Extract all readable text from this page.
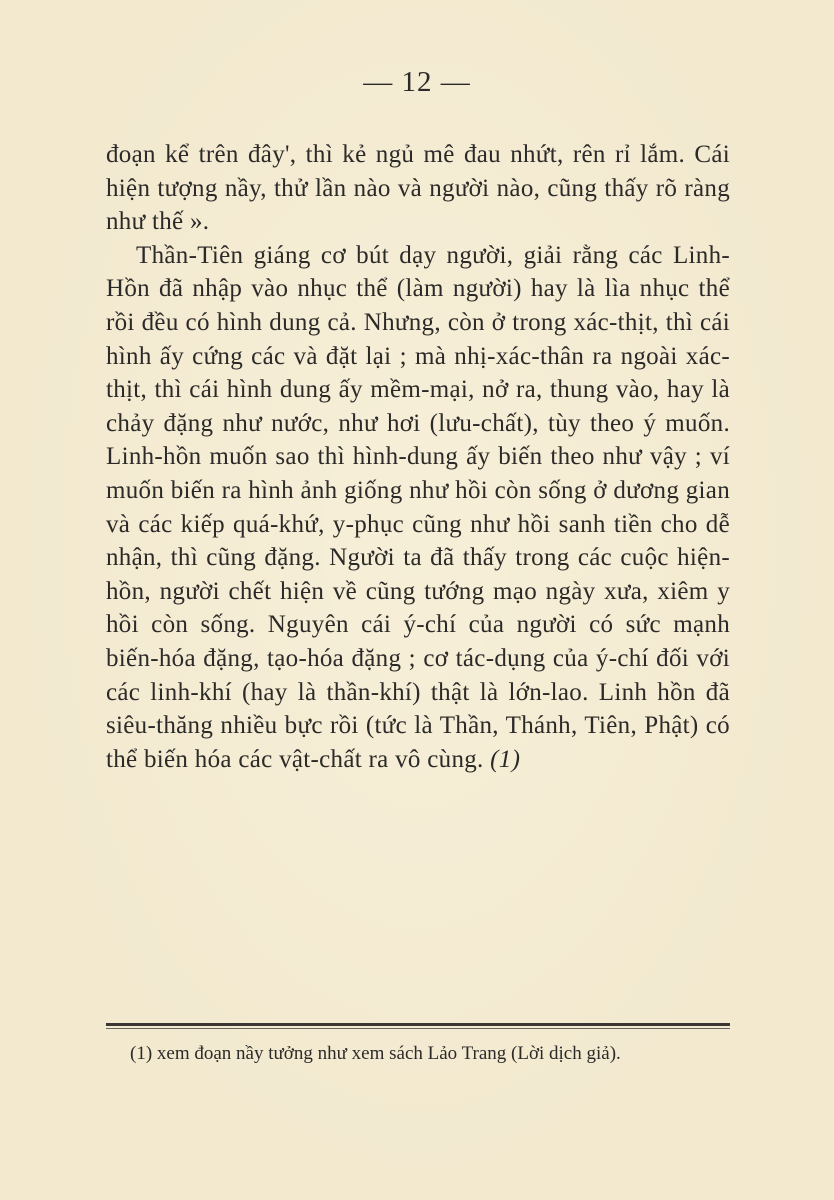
— 12 —

đoạn kể trên đây', thì kẻ ngủ mê đau nhứt, rên rỉ lắm. Cái hiện tượng nầy, thử lần nào và người nào, cũng thấy rõ ràng như thế ».

Thần-Tiên giáng cơ bút dạy người, giải rằng các Linh-Hồn đã nhập vào nhục thể (làm người) hay là lìa nhục thể rồi đều có hình dung cả. Nhưng, còn ở trong xác-thịt, thì cái hình ấy cứng các và đặt lại ; mà nhị-xác-thân ra ngoài xác-thịt, thì cái hình dung ấy mềm-mại, nở ra, thung vào, hay là chảy đặng như nước, như hơi (lưu-chất), tùy theo ý muốn. Linh-hồn muốn sao thì hình-dung ấy biến theo như vậy ; ví muốn biến ra hình ảnh giống như hồi còn sống ở dương gian và các kiếp quá-khứ, y-phục cũng như hồi sanh tiền cho dễ nhận, thì cũng đặng. Người ta đã thấy trong các cuộc hiện-hồn, người chết hiện về cũng tướng mạo ngày xưa, xiêm y hồi còn sống. Nguyên cái ý-chí của người có sức mạnh biến-hóa đặng, tạo-hóa đặng ; cơ tác-dụng của ý-chí đối với các linh-khí (hay là thần-khí) thật là lớn-lao. Linh hồn đã siêu-thăng nhiều bực rồi (tức là Thần, Thánh, Tiên, Phật) có thể biến hóa các vật-chất ra vô cùng. (1)

(1) xem đoạn nầy tưởng như xem sách Lảo Trang (Lời dịch giả).
